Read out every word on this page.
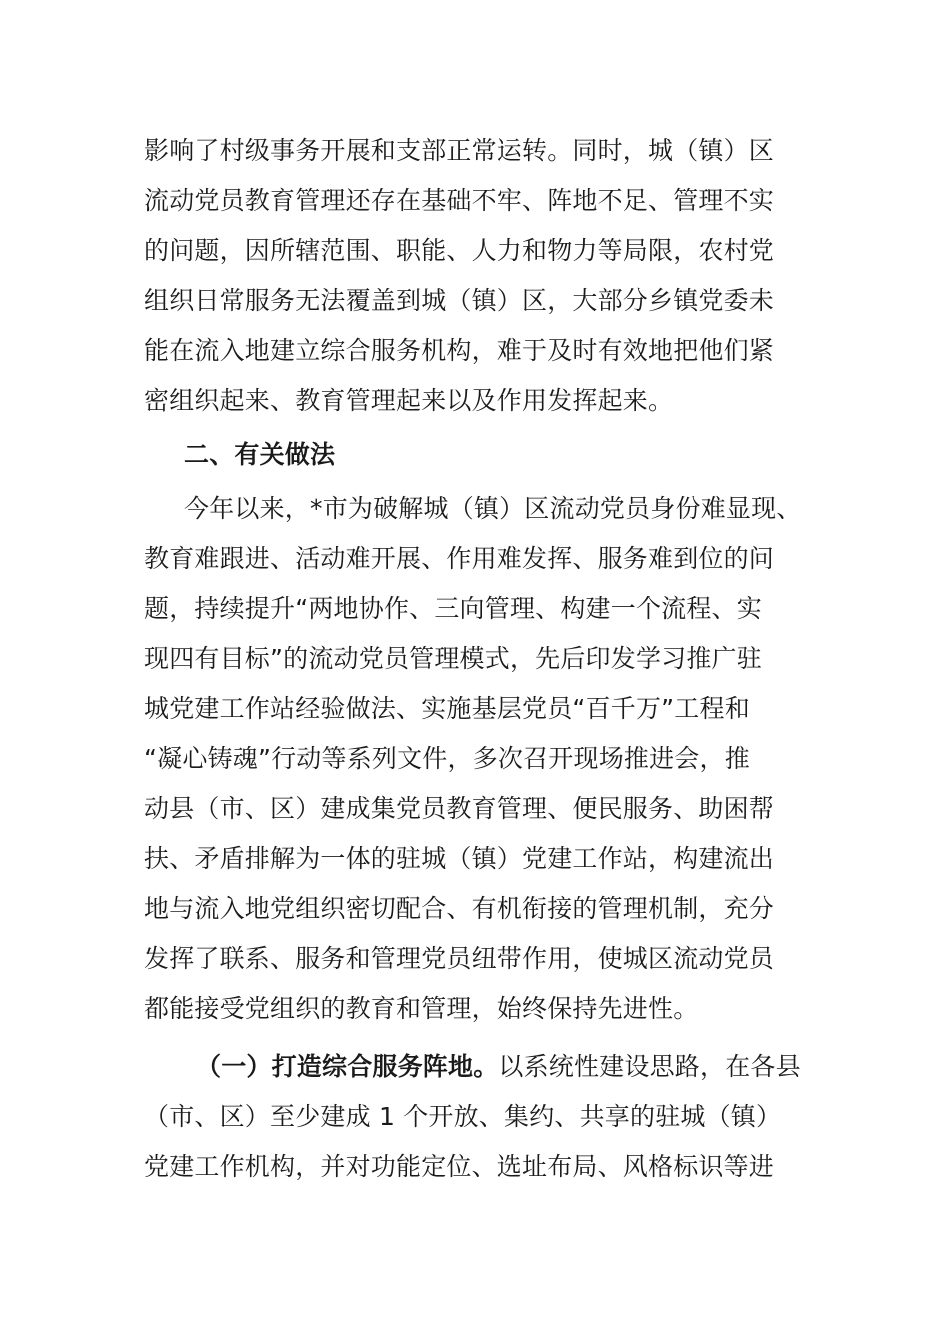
影响了村级事务开展和支部正常运转。同时，城（镇）区
流动党员教育管理还存在基础不牢、阵地不足、管理不实
的问题，因所辖范围、职能、人力和物力等局限，农村党
组织日常服务无法覆盖到城（镇）区，大部分乡镇党委未
能在流入地建立综合服务机构，难于及时有效地把他们紧
密组织起来、教育管理起来以及作用发挥起来。
二、有关做法
今年以来，*市为破解城（镇）区流动党员身份难显现、
教育难跟进、活动难开展、作用难发挥、服务难到位的问
题，持续提升“两地协作、三向管理、构建一个流程、实
现四有目标”的流动党员管理模式，先后印发学习推广驻
城党建工作站经验做法、实施基层党员“百千万”工程和
“凝心铸魂”行动等系列文件，多次召开现场推进会，推
动县（市、区）建成集党员教育管理、便民服务、助困帮
扶、矛盾排解为一体的驻城（镇）党建工作站，构建流出
地与流入地党组织密切配合、有机衔接的管理机制，充分
发挥了联系、服务和管理党员纽带作用，使城区流动党员
都能接受党组织的教育和管理，始终保持先进性。
（一）打造综合服务阵地。以系统性建设思路，在各县
（市、区）至少建成 1 个开放、集约、共享的驻城（镇）
党建工作机构，并对功能定位、选址布局、风格标识等进
